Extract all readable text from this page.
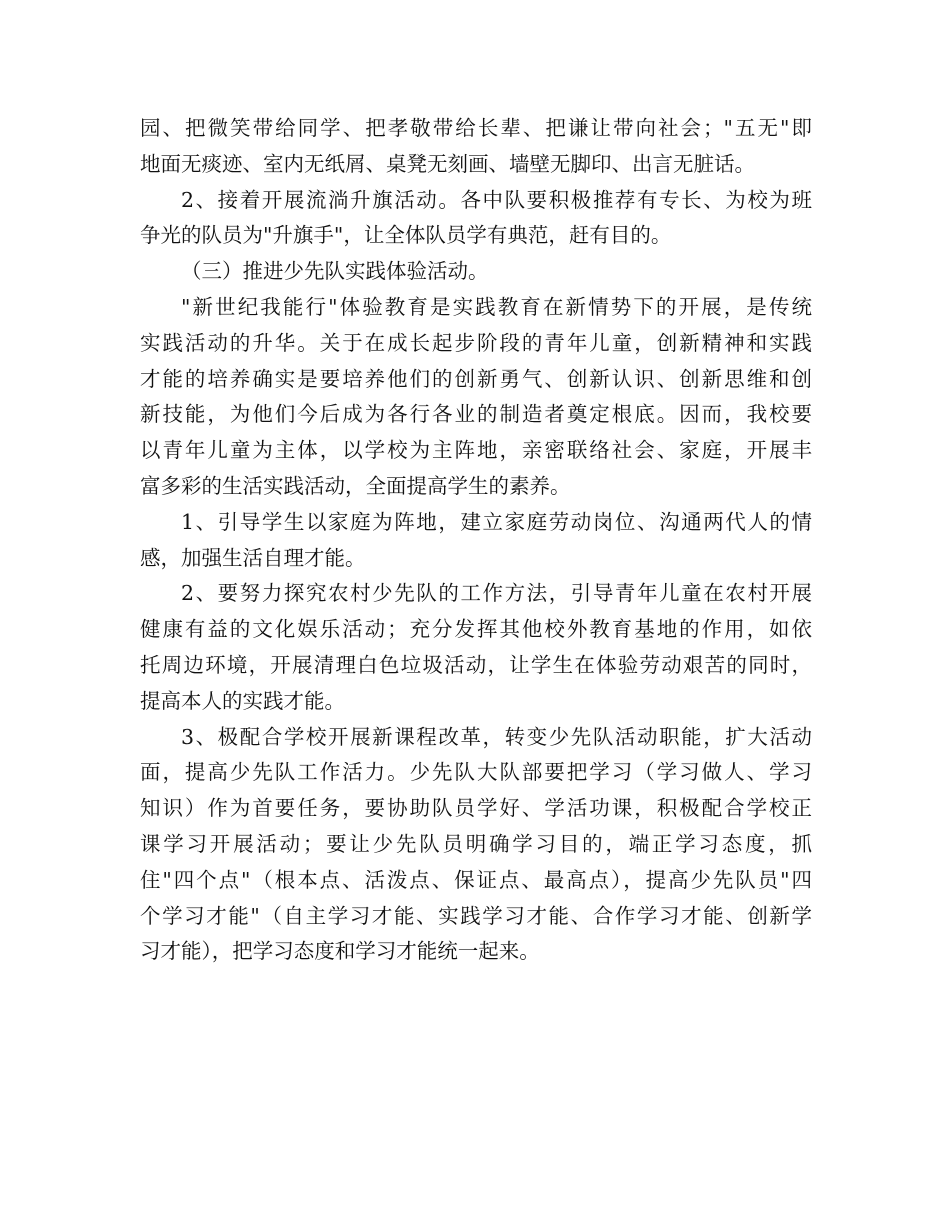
园、把微笑带给同学、把孝敬带给长辈、把谦让带向社会；"五无"即
地面无痰迹、室内无纸屑、桌凳无刻画、墙壁无脚印、出言无脏话。
2、接着开展流淌升旗活动。各中队要积极推荐有专长、为校为班
争光的队员为"升旗手"，让全体队员学有典范，赶有目的。
（三）推进少先队实践体验活动。
"新世纪我能行"体验教育是实践教育在新情势下的开展，是传统
实践活动的升华。关于在成长起步阶段的青年儿童，创新精神和实践
才能的培养确实是要培养他们的创新勇气、创新认识、创新思维和创
新技能，为他们今后成为各行各业的制造者奠定根底。因而，我校要
以青年儿童为主体，以学校为主阵地，亲密联络社会、家庭，开展丰
富多彩的生活实践活动，全面提高学生的素养。
1、引导学生以家庭为阵地，建立家庭劳动岗位、沟通两代人的情
感，加强生活自理才能。
2、要努力探究农村少先队的工作方法，引导青年儿童在农村开展
健康有益的文化娱乐活动；充分发挥其他校外教育基地的作用，如依
托周边环境，开展清理白色垃圾活动，让学生在体验劳动艰苦的同时，
提高本人的实践才能。
3、极配合学校开展新课程改革，转变少先队活动职能，扩大活动
面，提高少先队工作活力。少先队大队部要把学习（学习做人、学习
知识）作为首要任务，要协助队员学好、学活功课，积极配合学校正
课学习开展活动；要让少先队员明确学习目的，端正学习态度，抓
住"四个点"（根本点、活泼点、保证点、最高点），提高少先队员"四
个学习才能"（自主学习才能、实践学习才能、合作学习才能、创新学
习才能），把学习态度和学习才能统一起来。
